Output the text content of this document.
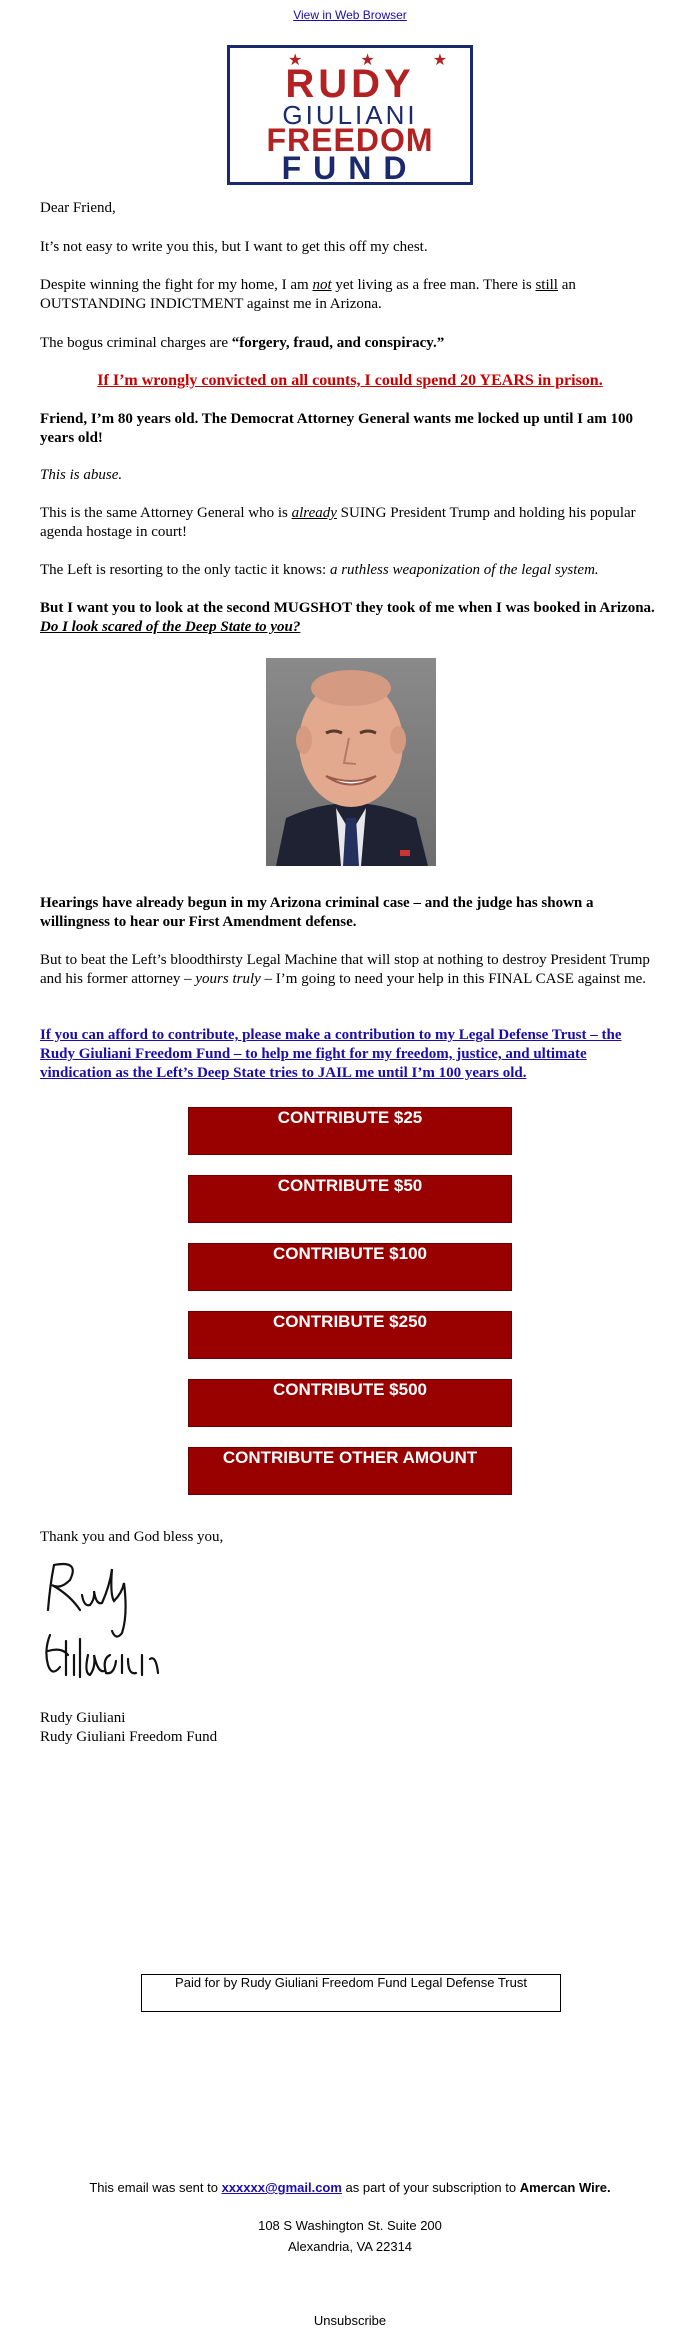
View in Web Browser
★★★
RUDY
GIULIANI
FREEDOM
FUND
Dear Friend,
It’s not easy to write you this, but I want to get this off my chest.
Despite winning the fight for my home, I am not yet living as a free man. There is still an OUTSTANDING INDICTMENT against me in Arizona.
The bogus criminal charges are “forgery, fraud, and conspiracy.”
If I’m wrongly convicted on all counts, I could spend 20 YEARS in prison.
Friend, I’m 80 years old. The Democrat Attorney General wants me locked up until I am 100 years old!
This is abuse.
This is the same Attorney General who is already SUING President Trump and holding his popular agenda hostage in court!
The Left is resorting to the only tactic it knows: a ruthless weaponization of the legal system.
But I want you to look at the second MUGSHOT they took of me when I was booked in Arizona. Do I look scared of the Deep State to you?
Hearings have already begun in my Arizona criminal case – and the judge has shown a willingness to hear our First Amendment defense.
But to beat the Left’s bloodthirsty Legal Machine that will stop at nothing to destroy President Trump and his former attorney – yours truly – I’m going to need your help in this FINAL CASE against me.
If you can afford to contribute, please make a contribution to my Legal Defense Trust – the Rudy Giuliani Freedom Fund – to help me fight for my freedom, justice, and ultimate vindication as the Left’s Deep State tries to JAIL me until I’m 100 years old.
CONTRIBUTE $25
CONTRIBUTE $50
CONTRIBUTE $100
CONTRIBUTE $250
CONTRIBUTE $500
CONTRIBUTE OTHER AMOUNT
Thank you and God bless you,
Rudy Giuliani
Rudy Giuliani Freedom Fund
Paid for by Rudy Giuliani Freedom Fund Legal Defense Trust
This email was sent to xxxxxx@gmail.com as part of your subscription to Amercan Wire.
108 S Washington St. Suite 200
Alexandria, VA 22314
Unsubscribe
